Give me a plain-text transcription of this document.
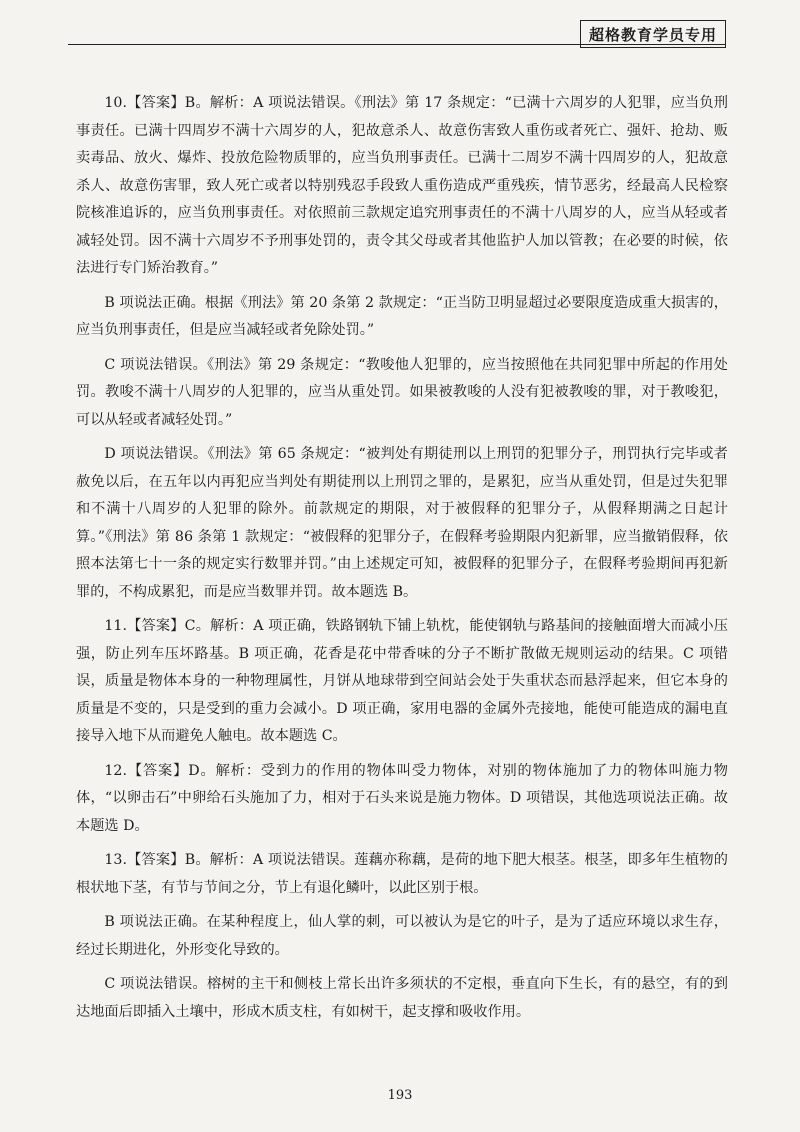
超格教育学员专用

10.【答案】B。解析：A 项说法错误。《刑法》第 17 条规定：“已满十六周岁的人犯罪，应当负刑事责任。已满十四周岁不满十六周岁的人，犯故意杀人、故意伤害致人重伤或者死亡、强奸、抢劫、贩卖毒品、放火、爆炸、投放危险物质罪的，应当负刑事责任。已满十二周岁不满十四周岁的人，犯故意杀人、故意伤害罪，致人死亡或者以特别残忍手段致人重伤造成严重残疾，情节恶劣，经最高人民检察院核准追诉的，应当负刑事责任。对依照前三款规定追究刑事责任的不满十八周岁的人，应当从轻或者减轻处罚。因不满十六周岁不予刑事处罚的，责令其父母或者其他监护人加以管教；在必要的时候，依法进行专门矫治教育。”

B 项说法正确。根据《刑法》第 20 条第 2 款规定：“正当防卫明显超过必要限度造成重大损害的，应当负刑事责任，但是应当减轻或者免除处罚。”

C 项说法错误。《刑法》第 29 条规定：“教唆他人犯罪的，应当按照他在共同犯罪中所起的作用处罚。教唆不满十八周岁的人犯罪的，应当从重处罚。如果被教唆的人没有犯被教唆的罪，对于教唆犯，可以从轻或者减轻处罚。”

D 项说法错误。《刑法》第 65 条规定：“被判处有期徒刑以上刑罚的犯罪分子，刑罚执行完毕或者赦免以后，在五年以内再犯应当判处有期徒刑以上刑罚之罪的，是累犯，应当从重处罚，但是过失犯罪和不满十八周岁的人犯罪的除外。前款规定的期限，对于被假释的犯罪分子，从假释期满之日起计算。”《刑法》第 86 条第 1 款规定：“被假释的犯罪分子，在假释考验期限内犯新罪，应当撤销假释，依照本法第七十一条的规定实行数罪并罚。”由上述规定可知，被假释的犯罪分子，在假释考验期间再犯新罪的，不构成累犯，而是应当数罪并罚。故本题选 B。

11.【答案】C。解析：A 项正确，铁路钢轨下铺上轨枕，能使钢轨与路基间的接触面增大而减小压强，防止列车压坏路基。B 项正确，花香是花中带香味的分子不断扩散做无规则运动的结果。C 项错误，质量是物体本身的一种物理属性，月饼从地球带到空间站会处于失重状态而悬浮起来，但它本身的质量是不变的，只是受到的重力会减小。D 项正确，家用电器的金属外壳接地，能使可能造成的漏电直接导入地下从而避免人触电。故本题选 C。

12.【答案】D。解析：受到力的作用的物体叫受力物体，对别的物体施加了力的物体叫施力物体，“以卵击石”中卵给石头施加了力，相对于石头来说是施力物体。D 项错误，其他选项说法正确。故本题选 D。

13.【答案】B。解析：A 项说法错误。莲藕亦称藕，是荷的地下肥大根茎。根茎，即多年生植物的根状地下茎，有节与节间之分，节上有退化鳞叶，以此区别于根。

B 项说法正确。在某种程度上，仙人掌的刺，可以被认为是它的叶子，是为了适应环境以求生存，经过长期进化，外形变化导致的。

C 项说法错误。榕树的主干和侧枝上常长出许多须状的不定根，垂直向下生长，有的悬空，有的到达地面后即插入土壤中，形成木质支柱，有如树干，起支撑和吸收作用。

193
